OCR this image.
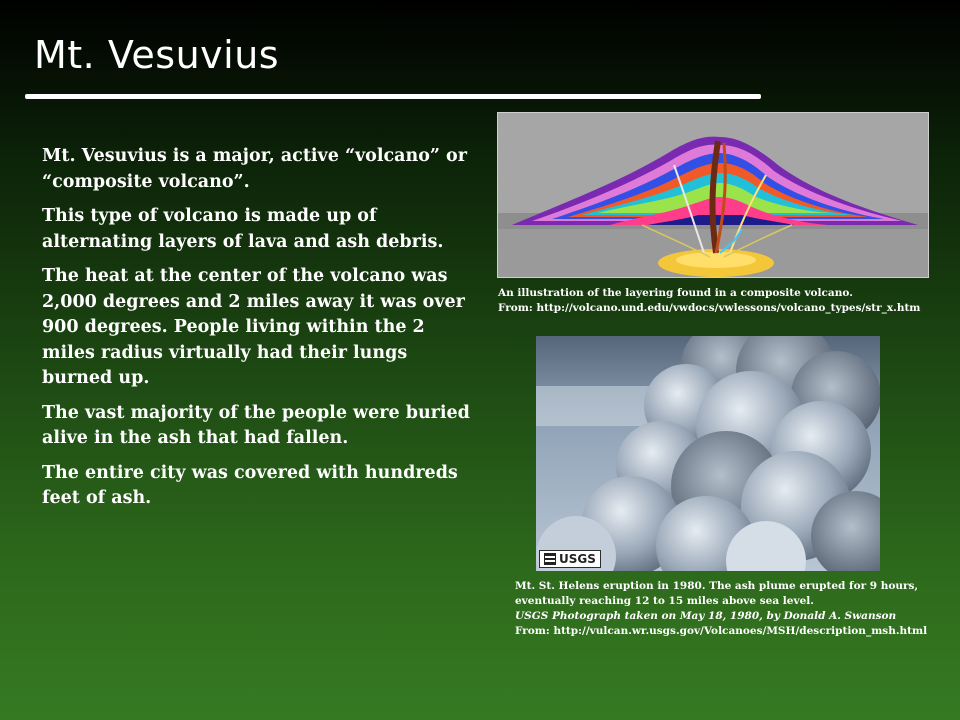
Mt. Vesuvius

Mt. Vesuvius is a major, active “volcano” or “composite volcano”.

This type of volcano is made up of alternating layers of lava and ash debris.

The heat at the center of the volcano was 2,000 degrees and 2 miles away it was over 900 degrees. People living within the 2 miles radius virtually had their lungs burned up.

The vast majority of the people were buried alive in the ash that had fallen.

The entire city was covered with hundreds feet of ash.

An illustration of the layering found in a composite volcano.
From: http://volcano.und.edu/vwdocs/vwlessons/volcano_types/str_x.htm
USGS
Mt. St. Helens eruption in 1980. The ash plume erupted for 9 hours,
eventually reaching 12 to 15 miles above sea level.
USGS Photograph taken on May 18, 1980, by Donald A. Swanson
From: http://vulcan.wr.usgs.gov/Volcanoes/MSH/description_msh.html
